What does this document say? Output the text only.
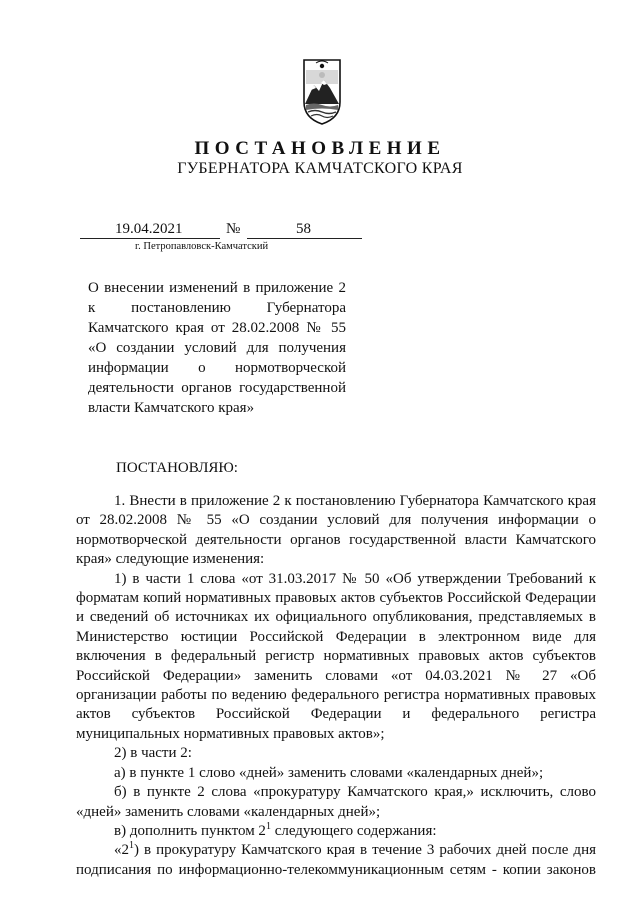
ПОСТАНОВЛЕНИЕ
ГУБЕРНАТОРА КАМЧАТСКОГО КРАЯ
19.04.2021	№	58
г. Петропавловск-Камчатский
О внесении изменений в приложение 2
к постановлению Губернатора
Камчатского края от 28.02.2008 № 55
«О создании условий для получения
информации о нормотворческой
деятельности органов государственной
власти Камчатского края»
ПОСТАНОВЛЯЮ:
1. Внести в приложение 2 к постановлению Губернатора Камчатского края
от 28.02.2008 № 55 «О создании условий для получения информации о
нормотворческой деятельности органов государственной власти Камчатского
края» следующие изменения:
1) в части 1 слова «от 31.03.2017 № 50 «Об утверждении Требований к
форматам копий нормативных правовых актов субъектов Российской Федерации
и сведений об источниках их официального опубликования, представляемых в
Министерство юстиции Российской Федерации в электронном виде для
включения в федеральный регистр нормативных правовых актов субъектов
Российской Федерации» заменить словами «от 04.03.2021 № 27 «Об
организации работы по ведению федерального регистра нормативных правовых
актов субъектов Российской Федерации и федерального регистра
муниципальных нормативных правовых актов»;
2) в части 2:
а) в пункте 1 слово «дней» заменить словами «календарных дней»;
б) в пункте 2 слова «прокуратуру Камчатского края,» исключить, слово
«дней» заменить словами «календарных дней»;
в) дополнить пунктом $2^1$ следующего содержания:
«$2^1$) в прокуратуру Камчатского края в течение 3 рабочих дней после дня
подписания по информационно-телекоммуникационным сетям - копии законов
